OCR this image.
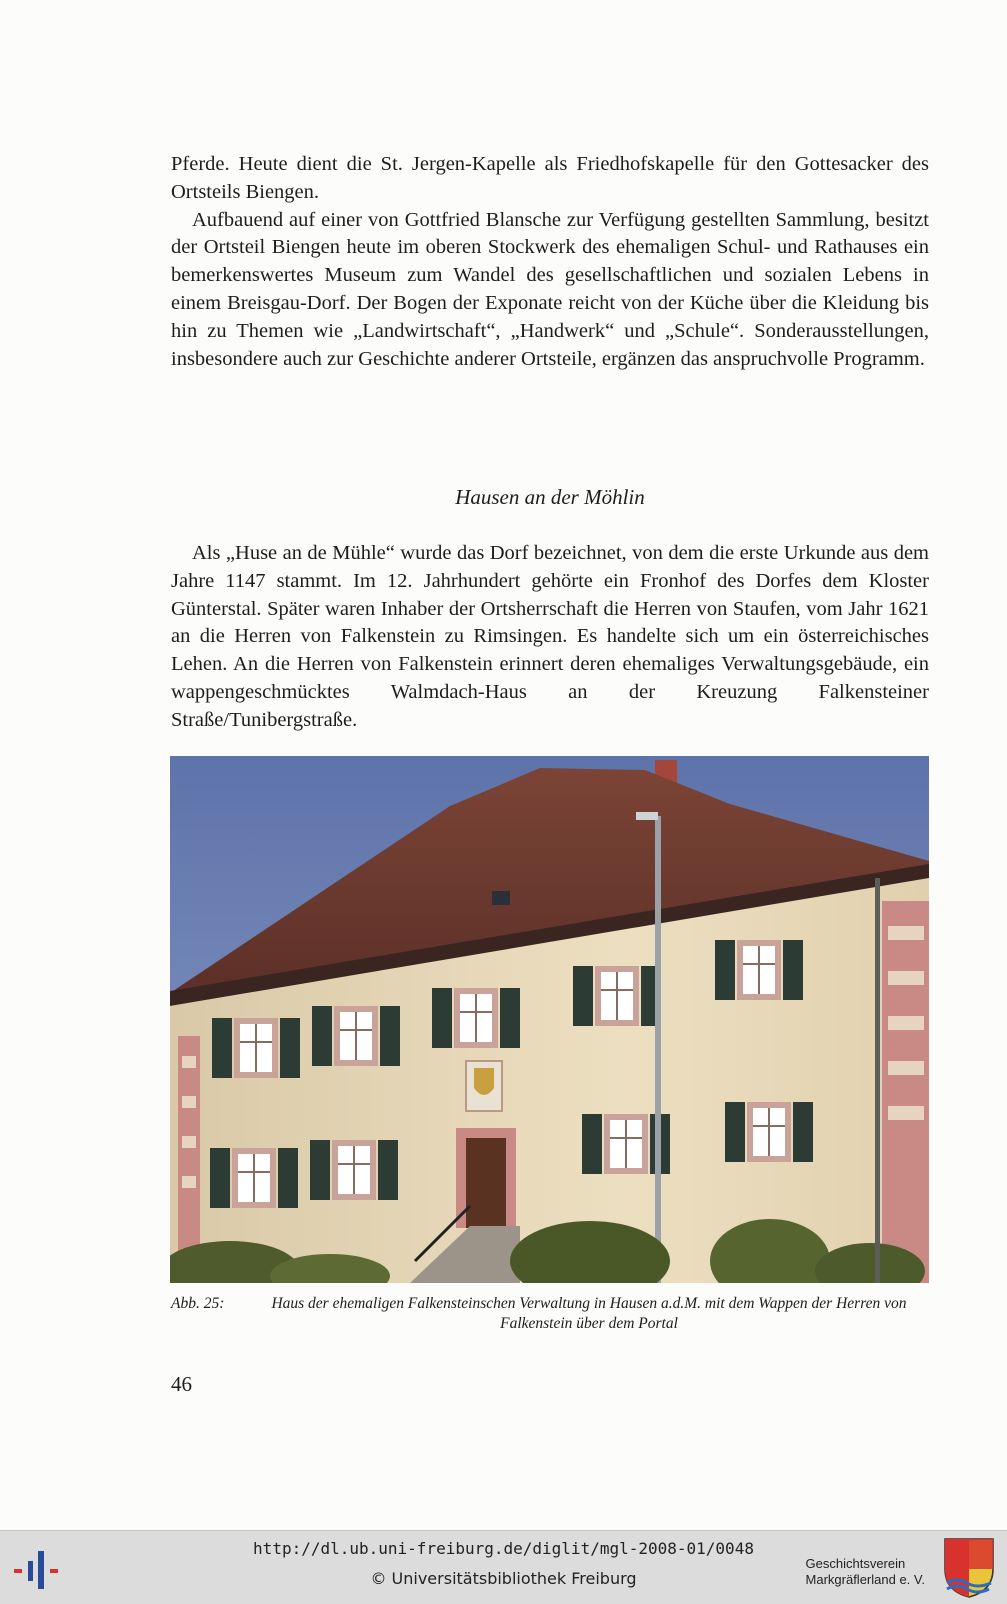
Pferde. Heute dient die St. Jergen-Kapelle als Friedhofskapelle für den Gottesacker des Ortsteils Biengen.

Aufbauend auf einer von Gottfried Blansche zur Verfügung gestellten Sammlung, besitzt der Ortsteil Biengen heute im oberen Stockwerk des ehemaligen Schul- und Rathauses ein bemerkenswertes Museum zum Wandel des gesellschaftlichen und sozialen Lebens in einem Breisgau-Dorf. Der Bogen der Exponate reicht von der Küche über die Kleidung bis hin zu Themen wie „Landwirtschaft“, „Handwerk“ und „Schule“. Sonderausstellungen, insbesondere auch zur Geschichte anderer Ortsteile, ergänzen das anspruchvolle Programm.

Hausen an der Möhlin

Als „Huse an de Mühle“ wurde das Dorf bezeichnet, von dem die erste Urkunde aus dem Jahre 1147 stammt. Im 12. Jahrhundert gehörte ein Fronhof des Dorfes dem Kloster Günterstal. Später waren Inhaber der Ortsherrschaft die Herren von Staufen, vom Jahr 1621 an die Herren von Falkenstein zu Rimsingen. Es handelte sich um ein österreichisches Lehen. An die Herren von Falkenstein erinnert deren ehemaliges Verwaltungsgebäude, ein wappengeschmücktes Walmdach-Haus an der Kreuzung Falkensteiner Straße/Tunibergstraße.

Abb. 25:	Haus der ehemaligen Falkensteinschen Verwaltung in Hausen a.d.M. mit dem Wappen der Herren von Falkenstein über dem Portal
46
http://dl.ub.uni-freiburg.de/diglit/mgl-2008-01/0048
© Universitätsbibliothek Freiburg
Geschichtsverein
Markgräflerland e. V.
